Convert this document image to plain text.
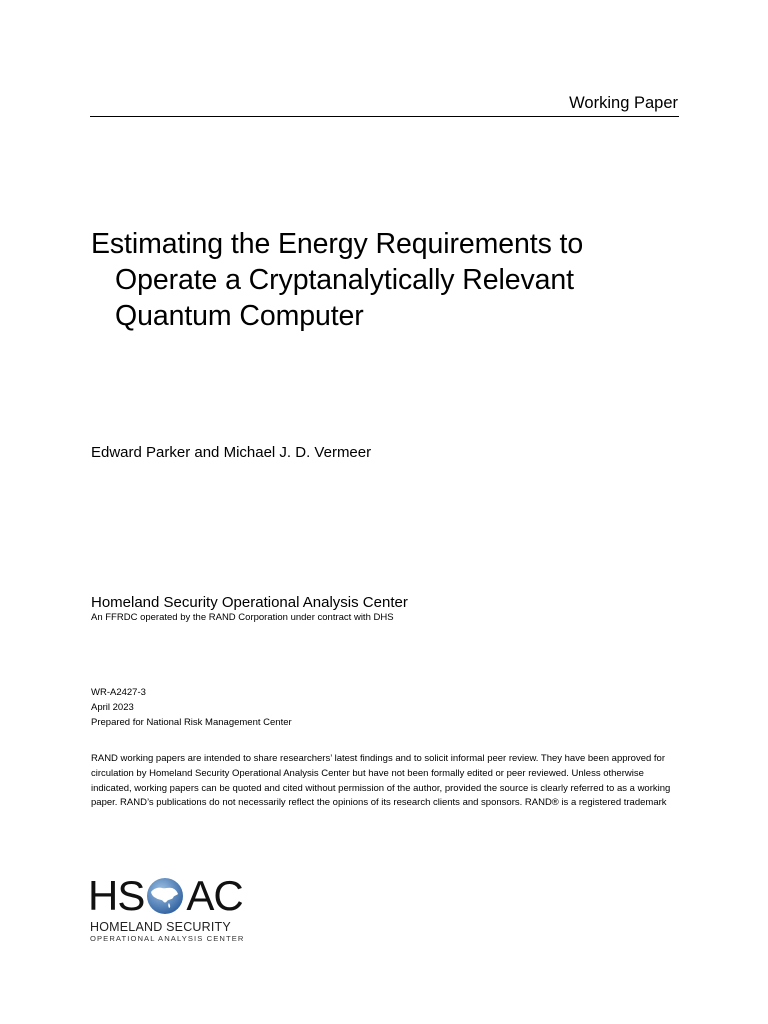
Working Paper
Estimating the Energy Requirements to
Operate a Cryptanalytically Relevant
Quantum Computer
Edward Parker and Michael J. D. Vermeer
Homeland Security Operational Analysis Center
An FFRDC operated by the RAND Corporation under contract with DHS
WR-A2427-3
April 2023
Prepared for National Risk Management Center

RAND working papers are intended to share researchers’ latest findings and to solicit informal peer review. They have been approved for circulation by Homeland Security Operational Analysis Center but have not been formally edited or peer reviewed. Unless otherwise indicated, working papers can be quoted and cited without permission of the author, provided the source is clearly referred to as a working paper. RAND’s publications do not necessarily reflect the opinions of its research clients and sponsors. RAND® is a registered trademark

HS AC
HOMELAND SECURITY
OPERATIONAL ANALYSIS CENTER
